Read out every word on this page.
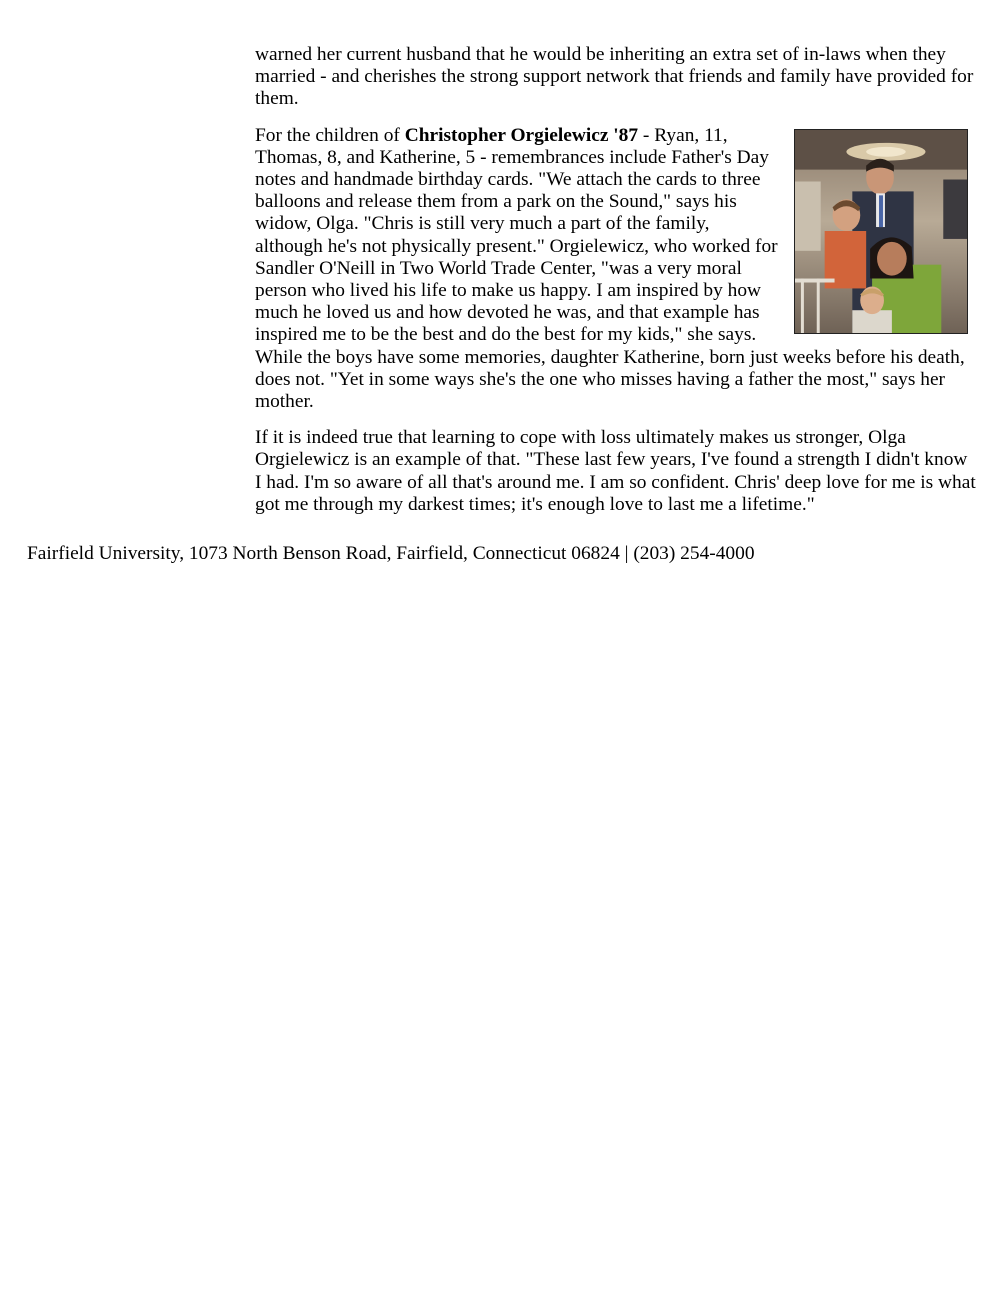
warned her current husband that he would be inheriting an extra set of in-laws when they married - and cherishes the strong support network that friends and family have provided for them.

For the children of Christopher Orgielewicz '87 - Ryan, 11, Thomas, 8, and Katherine, 5 - remembrances include Father's Day notes and handmade birthday cards. "We attach the cards to three balloons and release them from a park on the Sound," says his widow, Olga. "Chris is still very much a part of the family, although he's not physically present." Orgielewicz, who worked for Sandler O'Neill in Two World Trade Center, "was a very moral person who lived his life to make us happy. I am inspired by how much he loved us and how devoted he was, and that example has inspired me to be the best and do the best for my kids," she says. While the boys have some memories, daughter Katherine, born just weeks before his death, does not. "Yet in some ways she's the one who misses having a father the most," says her mother.

If it is indeed true that learning to cope with loss ultimately makes us stronger, Olga Orgielewicz is an example of that. "These last few years, I've found a strength I didn't know I had. I'm so aware of all that's around me. I am so confident. Chris' deep love for me is what got me through my darkest times; it's enough love to last me a lifetime."

Fairfield University, 1073 North Benson Road, Fairfield, Connecticut 06824 | (203) 254-4000
